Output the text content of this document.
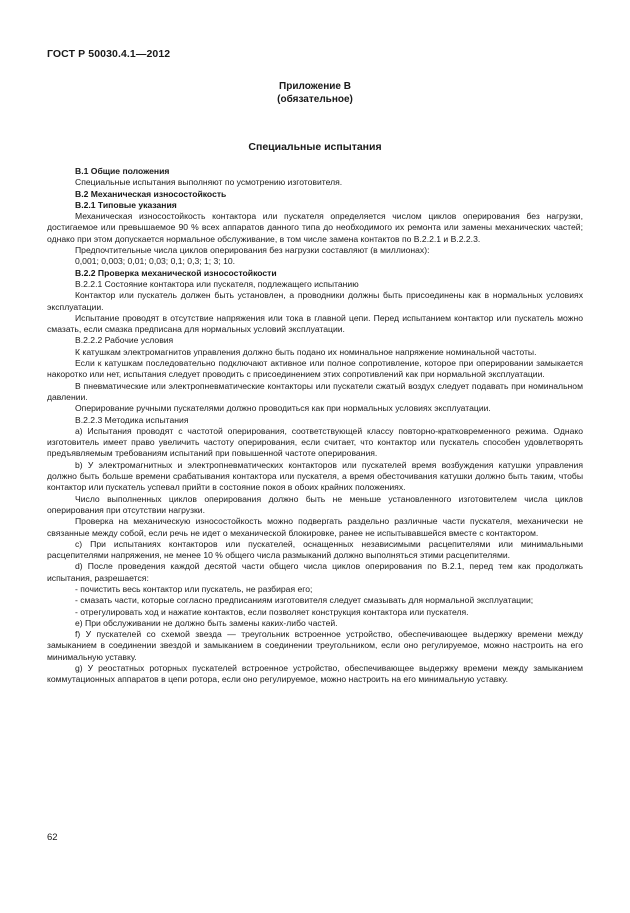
ГОСТ Р 50030.4.1—2012
Приложение В
(обязательное)
Специальные испытания

В.1 Общие положения

Специальные испытания выполняют по усмотрению изготовителя.

В.2 Механическая износостойкость

В.2.1 Типовые указания

Механическая износостойкость контактора или пускателя определяется числом циклов оперирования без нагрузки, достигаемое или превышаемое 90 % всех аппаратов данного типа до необходимого их ремонта или замены механических частей; однако при этом допускается нормальное обслуживание, в том числе замена контактов по В.2.2.1 и В.2.2.3.

Предпочтительные числа циклов оперирования без нагрузки составляют (в миллионах):

0,001; 0,003; 0,01; 0,03; 0,1; 0,3; 1; 3; 10.

В.2.2 Проверка механической износостойкости

В.2.2.1 Состояние контактора или пускателя, подлежащего испытанию

Контактор или пускатель должен быть установлен, а проводники должны быть присоединены как в нормальных условиях эксплуатации.

Испытание проводят в отсутствие напряжения или тока в главной цепи. Перед испытанием контактор или пускатель можно смазать, если смазка предписана для нормальных условий эксплуатации.

В.2.2.2 Рабочие условия

К катушкам электромагнитов управления должно быть подано их номинальное напряжение номинальной частоты.

Если к катушкам последовательно подключают активное или полное сопротивление, которое при оперировании замыкается накоротко или нет, испытания следует проводить с присоединением этих сопротивлений как при нормальной эксплуатации.

В пневматические или электропневматические контакторы или пускатели сжатый воздух следует подавать при номинальном давлении.

Оперирование ручными пускателями должно проводиться как при нормальных условиях эксплуатации.

В.2.2.3 Методика испытания

a) Испытания проводят с частотой оперирования, соответствующей классу повторно-кратковременного режима. Однако изготовитель имеет право увеличить частоту оперирования, если считает, что контактор или пускатель способен удовлетворять предъявляемым требованиям испытаний при повышенной частоте оперирования.

b) У электромагнитных и электропневматических контакторов или пускателей время возбуждения катушки управления должно быть больше времени срабатывания контактора или пускателя, а время обесточивания катушки должно быть таким, чтобы контактор или пускатель успевал прийти в состояние покоя в обоих крайних положениях.

Число выполненных циклов оперирования должно быть не меньше установленного изготовителем числа циклов оперирования при отсутствии нагрузки.

Проверка на механическую износостойкость можно подвергать раздельно различные части пускателя, механически не связанные между собой, если речь не идет о механической блокировке, ранее не испытывавшейся вместе с контактором.

c) При испытаниях контакторов или пускателей, оснащенных независимыми расцепителями или минимальными расцепителями напряжения, не менее 10 % общего числа размыканий должно выполняться этими расцепителями.

d) После проведения каждой десятой части общего числа циклов оперирования по В.2.1, перед тем как продолжать испытания, разрешается:

- почистить весь контактор или пускатель, не разбирая его;

- смазать части, которые согласно предписаниям изготовителя следует смазывать для нормальной эксплуатации;

- отрегулировать ход и нажатие контактов, если позволяет конструкция контактора или пускателя.

e) При обслуживании не должно быть замены каких-либо частей.

f) У пускателей со схемой звезда — треугольник встроенное устройство, обеспечивающее выдержку времени между замыканием в соединении звездой и замыканием в соединении треугольником, если оно регулируемое, можно настроить на его минимальную уставку.

g) У реостатных роторных пускателей встроенное устройство, обеспечивающее выдержку времени между замыканием коммутационных аппаратов в цепи ротора, если оно регулируемое, можно настроить на его минимальную уставку.

62
